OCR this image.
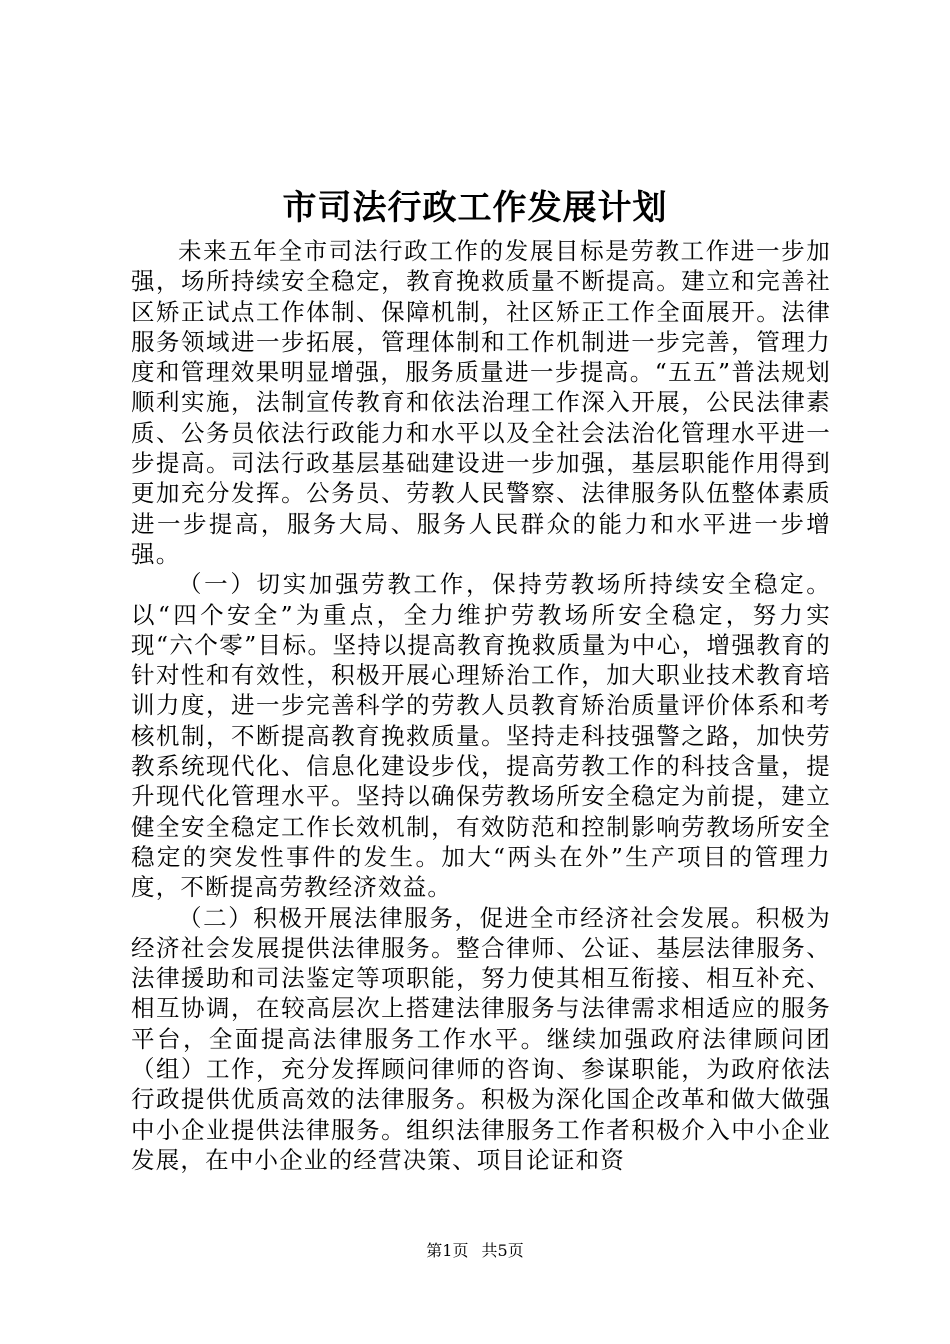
市司法行政工作发展计划

未来五年全市司法行政工作的发展目标是劳教工作进一步加强，场所持续安全稳定，教育挽救质量不断提高。建立和完善社区矫正试点工作体制、保障机制，社区矫正工作全面展开。法律服务领域进一步拓展，管理体制和工作机制进一步完善，管理力度和管理效果明显增强，服务质量进一步提高。“五五”普法规划顺利实施，法制宣传教育和依法治理工作深入开展，公民法律素质、公务员依法行政能力和水平以及全社会法治化管理水平进一步提高。司法行政基层基础建设进一步加强，基层职能作用得到更加充分发挥。公务员、劳教人民警察、法律服务队伍整体素质进一步提高，服务大局、服务人民群众的能力和水平进一步增强。

（一）切实加强劳教工作，保持劳教场所持续安全稳定。以“四个安全”为重点，全力维护劳教场所安全稳定，努力实现“六个零”目标。坚持以提高教育挽救质量为中心，增强教育的针对性和有效性，积极开展心理矫治工作，加大职业技术教育培训力度，进一步完善科学的劳教人员教育矫治质量评价体系和考核机制，不断提高教育挽救质量。坚持走科技强警之路，加快劳教系统现代化、信息化建设步伐，提高劳教工作的科技含量，提升现代化管理水平。坚持以确保劳教场所安全稳定为前提，建立健全安全稳定工作长效机制，有效防范和控制影响劳教场所安全稳定的突发性事件的发生。加大“两头在外”生产项目的管理力度，不断提高劳教经济效益。

（二）积极开展法律服务，促进全市经济社会发展。积极为经济社会发展提供法律服务。整合律师、公证、基层法律服务、法律援助和司法鉴定等项职能，努力使其相互衔接、相互补充、相互协调，在较高层次上搭建法律服务与法律需求相适应的服务平台，全面提高法律服务工作水平。继续加强政府法律顾问团（组）工作，充分发挥顾问律师的咨询、参谋职能，为政府依法行政提供优质高效的法律服务。积极为深化国企改革和做大做强中小企业提供法律服务。组织法律服务工作者积极介入中小企业发展，在中小企业的经营决策、项目论证和资

第1页 共5页
